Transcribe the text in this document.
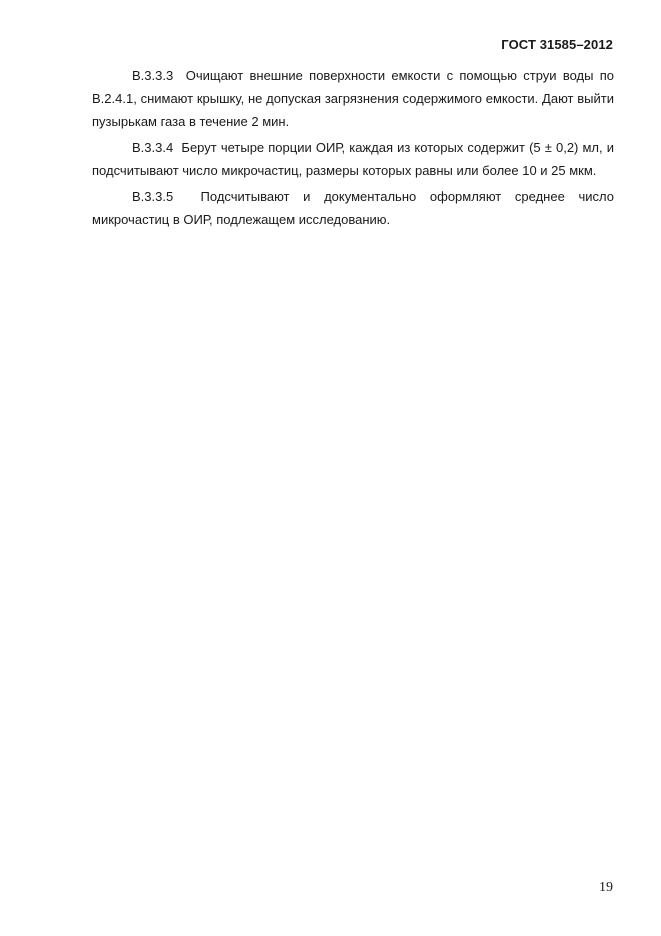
ГОСТ 31585–2012

В.3.3.3 Очищают внешние поверхности емкости с помощью струи воды по В.2.4.1, снимают крышку, не допуская загрязнения содержимого емкости. Дают выйти пузырькам газа в течение 2 мин.

В.3.3.4 Берут четыре порции ОИР, каждая из которых содержит (5 ± 0,2) мл, и подсчитывают число микрочастиц, размеры которых равны или более 10 и 25 мкм.

В.3.3.5 Подсчитывают и документально оформляют среднее число микрочастиц в ОИР, подлежащем исследованию.

19
